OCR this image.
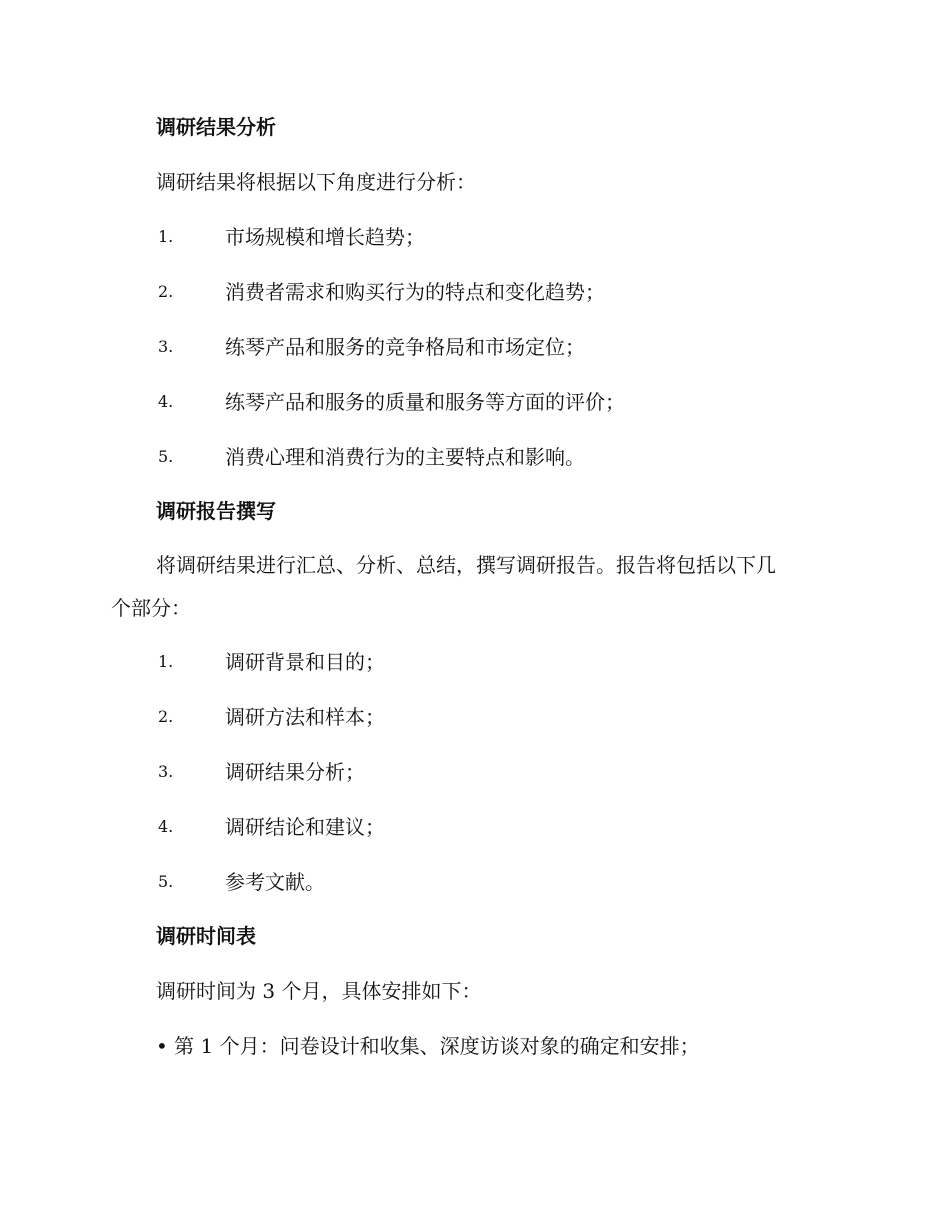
调研结果分析
调研结果将根据以下角度进行分析：
1.	市场规模和增长趋势；
2.	消费者需求和购买行为的特点和变化趋势；
3.	练琴产品和服务的竞争格局和市场定位；
4.	练琴产品和服务的质量和服务等方面的评价；
5.	消费心理和消费行为的主要特点和影响。
调研报告撰写
将调研结果进行汇总、分析、总结，撰写调研报告。报告将包括以下几
个部分：
1.	调研背景和目的；
2.	调研方法和样本；
3.	调研结果分析；
4.	调研结论和建议；
5.	参考文献。
调研时间表
调研时间为 3 个月，具体安排如下：
• 第 1 个月：问卷设计和收集、深度访谈对象的确定和安排；
